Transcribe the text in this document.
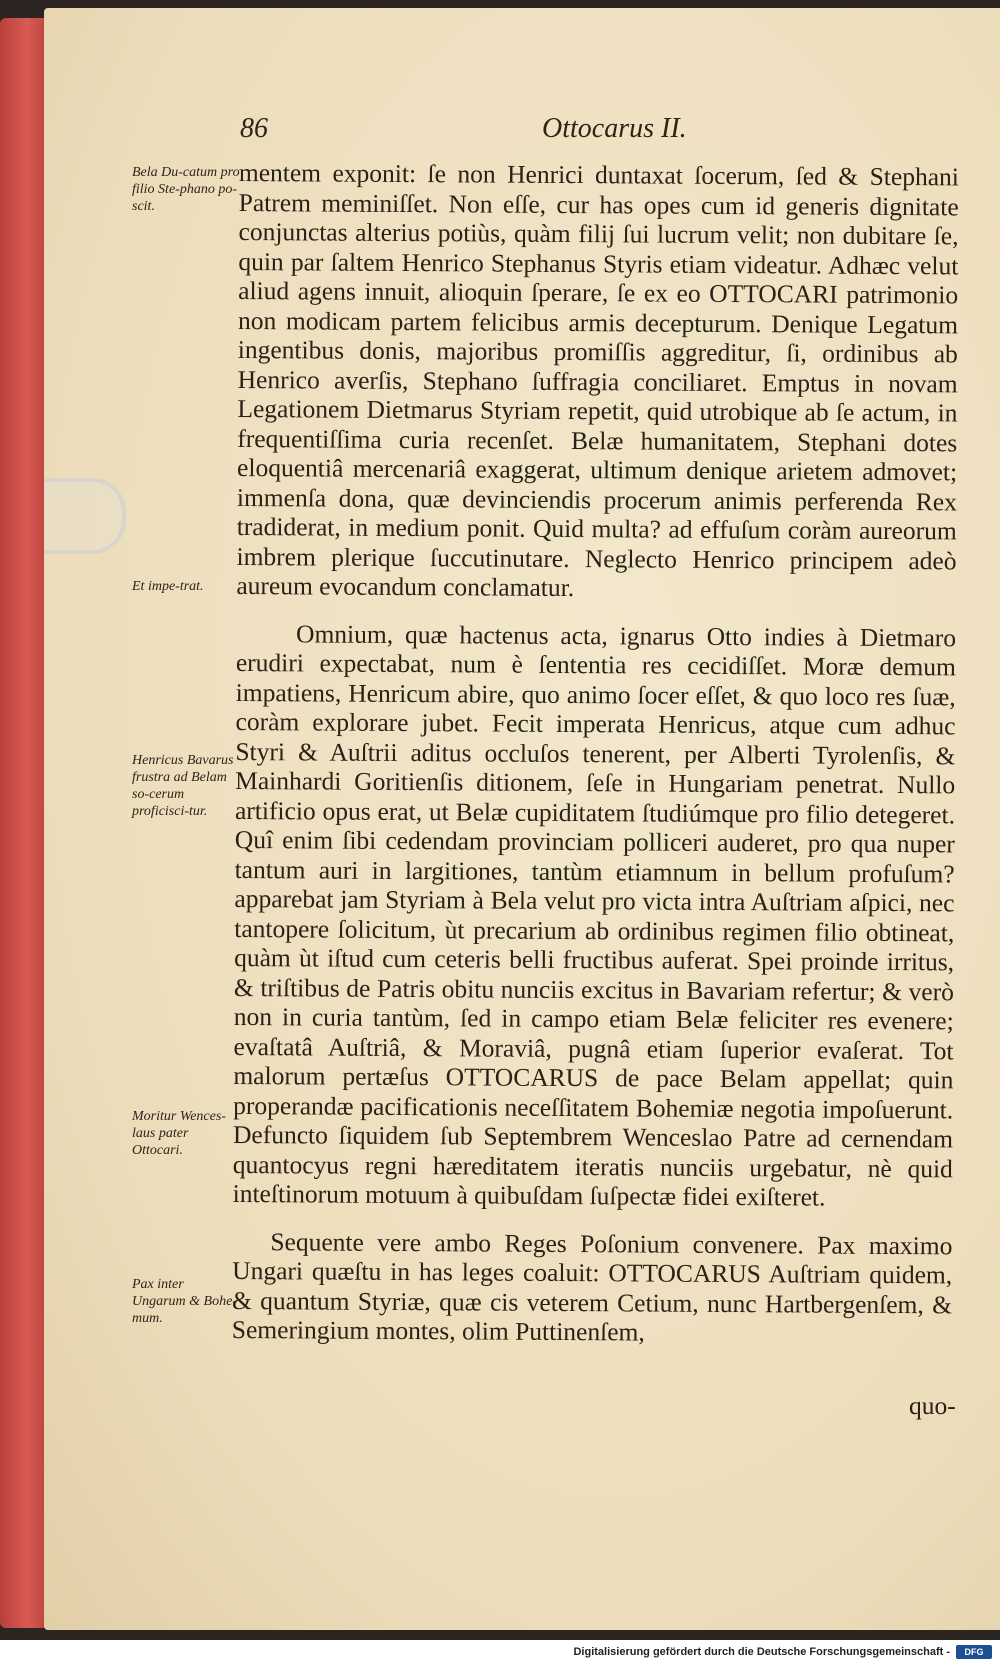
86	Ottocarus II.
Bela Du-catum pro filio Ste-phano po-scit.
Et impe-trat.
Henricus Bavarus frustra ad Belam so-cerum proficisci-tur.
Moritur Wences-laus pater Ottocari.
Pax inter Ungarum & Bohe-mum.

mentem exponit: ſe non Henrici duntaxat ſocerum, ſed & Stephani Patrem meminiſſet. Non eſſe, cur has opes cum id generis dignitate conjunctas alterius potiùs, quàm filij ſui lucrum velit; non dubitare ſe, quin par ſaltem Henrico Stephanus Styris etiam videatur. Adhæc velut aliud agens innuit, alioquin ſperare, ſe ex eo OTTOCARI patrimonio non modicam partem felicibus armis decepturum. Denique Legatum ingentibus donis, majoribus promiſſis aggreditur, ſi, ordinibus ab Henrico averſis, Stephano ſuffragia conciliaret. Emptus in novam Legationem Dietmarus Styriam repetit, quid utrobique ab ſe actum, in frequentiſſima curia recenſet. Belæ humanitatem, Stephani dotes eloquentiâ mercenariâ exaggerat, ultimum denique arietem admovet; immenſa dona, quæ devinciendis procerum animis perferenda Rex tradiderat, in medium ponit. Quid multa? ad effuſum coràm aureorum imbrem plerique ſuccutinutare. Neglecto Henrico principem adeò aureum evocandum conclamatur.

Omnium, quæ hactenus acta, ignarus Otto indies à Dietmaro erudiri expectabat, num è ſententia res cecidiſſet. Moræ demum impatiens, Henricum abire, quo animo ſocer eſſet, & quo loco res ſuæ, coràm explorare jubet. Fecit imperata Henricus, atque cum adhuc Styri & Auſtrii aditus occluſos tenerent, per Alberti Tyrolenſis, & Mainhardi Goritienſis ditionem, ſeſe in Hungariam penetrat. Nullo artificio opus erat, ut Belæ cupiditatem ſtudiúmque pro filio detegeret. Quî enim ſibi cedendam provinciam polliceri auderet, pro qua nuper tantum auri in largitiones, tantùm etiamnum in bellum profuſum? apparebat jam Styriam à Bela velut pro victa intra Auſtriam aſpici, nec tantopere ſolicitum, ùt precarium ab ordinibus regimen filio obtineat, quàm ùt iſtud cum ceteris belli fructibus auferat. Spei proinde irritus, & triſtibus de Patris obitu nunciis excitus in Bavariam refertur; & verò non in curia tantùm, ſed in campo etiam Belæ feliciter res evenere; evaſtatâ Auſtriâ, & Moraviâ, pugnâ etiam ſuperior evaſerat. Tot malorum pertæſus OTTOCARUS de pace Belam appellat; quin properandæ pacificationis neceſſitatem Bohemiæ negotia impoſuerunt. Defuncto ſiquidem ſub Septembrem Wenceslao Patre ad cernendam quantocyus regni hæreditatem iteratis nunciis urgebatur, nè quid inteſtinorum motuum à quibuſdam ſuſpectæ fidei exiſteret.

Sequente vere ambo Reges Poſonium convenere. Pax maximo Ungari quæſtu in has leges coaluit: OTTOCARUS Auſtriam quidem, & quantum Styriæ, quæ cis veterem Cetium, nunc Hartbergenſem, & Semeringium montes, olim Puttinenſem,

quo-
Digitalisierung gefördert durch die Deutsche Forschungsgemeinschaft -	DFG
